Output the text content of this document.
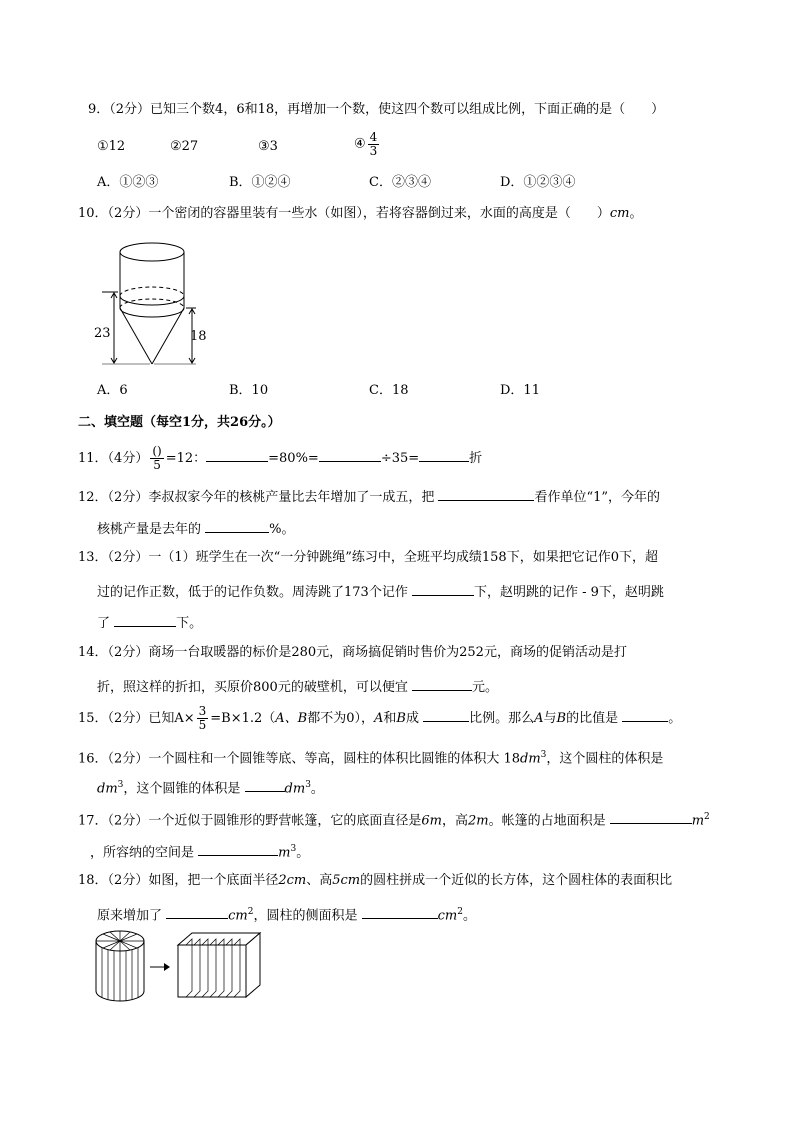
9．（2分）已知三个数4，6和18，再增加一个数，使这四个数可以组成比例，下面正确的是（　　）
①12	②27	③3	④ $\frac{4}{3}$
A．①②③	B．①②④	C．②③④	D．①②③④
10．（2分）一个密闭的容器里装有一些水（如图），若将容器倒过来，水面的高度是（　　）cm。
23	18
A．6	B．10	C．18	D．11
二、填空题（每空1分，共26分。）
11．（4分） $\frac{()}{5} =12$：	=80%=	÷35=	折
12．（2分）李叔叔家今年的核桃产量比去年增加了一成五，把	看作单位“1”，今年的
核桃产量是去年的	%。
13．（2分）一（1）班学生在一次“一分钟跳绳”练习中，全班平均成绩158下，如果把它记作0下，超
过的记作正数，低于的记作负数。周涛跳了173个记作	下，赵明跳的记作 - 9下，赵明跳
了	下。
14．（2分）商场一台取暖器的标价是280元，商场搞促销时售价为252元，商场的促销活动是打
折，照这样的折扣，买原价800元的破壁机，可以便宜	元。
15．（2分）已知$A\times \frac{3}{5} =B\times 1.2(A$、B都不为0），A和B成	比例。那么A与B的比值是	。
16．（2分）一个圆柱和一个圆锥等底、等高，圆柱的体积比圆锥的体积大 $18dm^3$，这个圆柱的体积是
$dm^3$，这个圆锥的体积是	$dm^3$。
17．（2分）一个近似于圆锥形的野营帐篷，它的底面直径是6m，高2m。帐篷的占地面积是	$m^2$
，所容纳的空间是	$m^3$。
18．（2分）如图，把一个底面半径2cm、高5cm的圆柱拼成一个近似的长方体，这个圆柱体的表面积比
原来增加了	$cm^2$，圆柱的侧面积是	$cm^2$。
